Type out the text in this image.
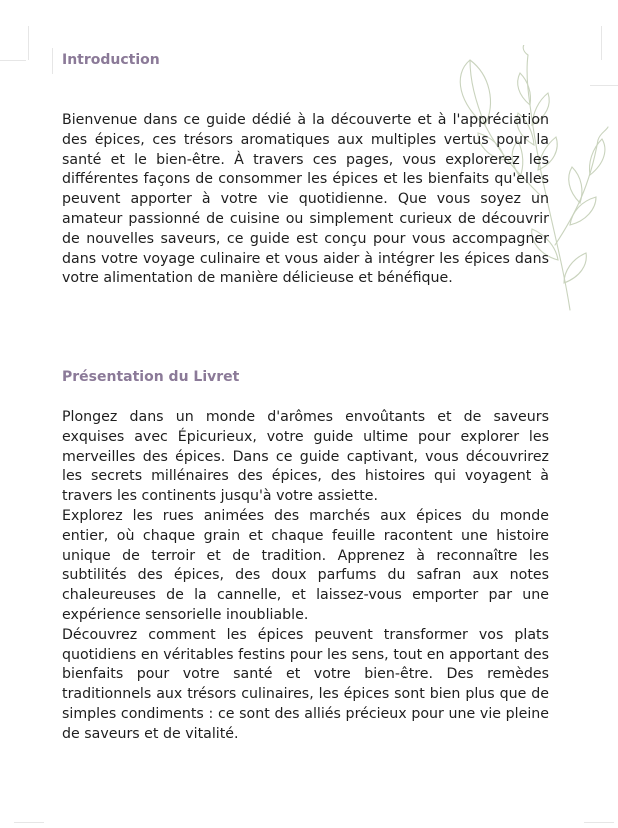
Introduction

Bienvenue dans ce guide dédié à la découverte et à l'appréciation des épices, ces trésors aromatiques aux multiples vertus pour la santé et le bien-être. À travers ces pages, vous explorerez les différentes façons de consommer les épices et les bienfaits qu'elles peuvent apporter à votre vie quotidienne. Que vous soyez un amateur passionné de cuisine ou simplement curieux de découvrir de nouvelles saveurs, ce guide est conçu pour vous accompagner dans votre voyage culinaire et vous aider à intégrer les épices dans votre alimentation de manière délicieuse et bénéfique.

Présentation du Livret

Plongez dans un monde d'arômes envoûtants et de saveurs exquises avec Épicurieux, votre guide ultime pour explorer les merveilles des épices. Dans ce guide captivant, vous découvrirez les secrets millénaires des épices, des histoires qui voyagent à travers les continents jusqu'à votre assiette.

Explorez les rues animées des marchés aux épices du monde entier, où chaque grain et chaque feuille racontent une histoire unique de terroir et de tradition. Apprenez à reconnaître les subtilités des épices, des doux parfums du safran aux notes chaleureuses de la cannelle, et laissez-vous emporter par une expérience sensorielle inoubliable.

Découvrez comment les épices peuvent transformer vos plats quotidiens en véritables festins pour les sens, tout en apportant des bienfaits pour votre santé et votre bien-être. Des remèdes traditionnels aux trésors culinaires, les épices sont bien plus que de simples condiments : ce sont des alliés précieux pour une vie pleine de saveurs et de vitalité.
